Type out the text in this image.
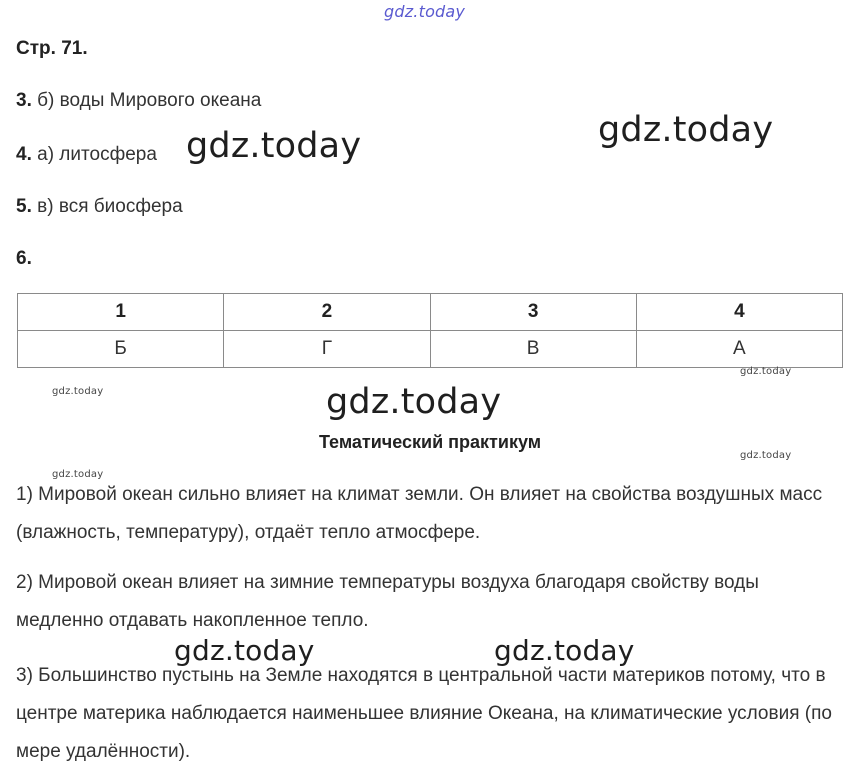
gdz.today
Стр. 71.
3. б) воды Мирового океана
4. а) литосфера
5. в) вся биосфера
6.
gdz.today	gdz.today
1	2	3	4
Б	Г	В	А
gdz.today
gdz.today
gdz.today
Тематический практикум
gdz.today
gdz.today
1) Мировой океан сильно влияет на климат земли. Он влияет на свойства воздушных масс (влажность, температуру), отдаёт тепло атмосфере.
2) Мировой океан влияет на зимние температуры воздуха благодаря свойству воды медленно отдавать накопленное тепло.
3) Большинство пустынь на Земле находятся в центральной части материков потому, что в центре материка наблюдается наименьшее влияние Океана, на климатические условия (по мере удалённости).
gdz.today	gdz.today
